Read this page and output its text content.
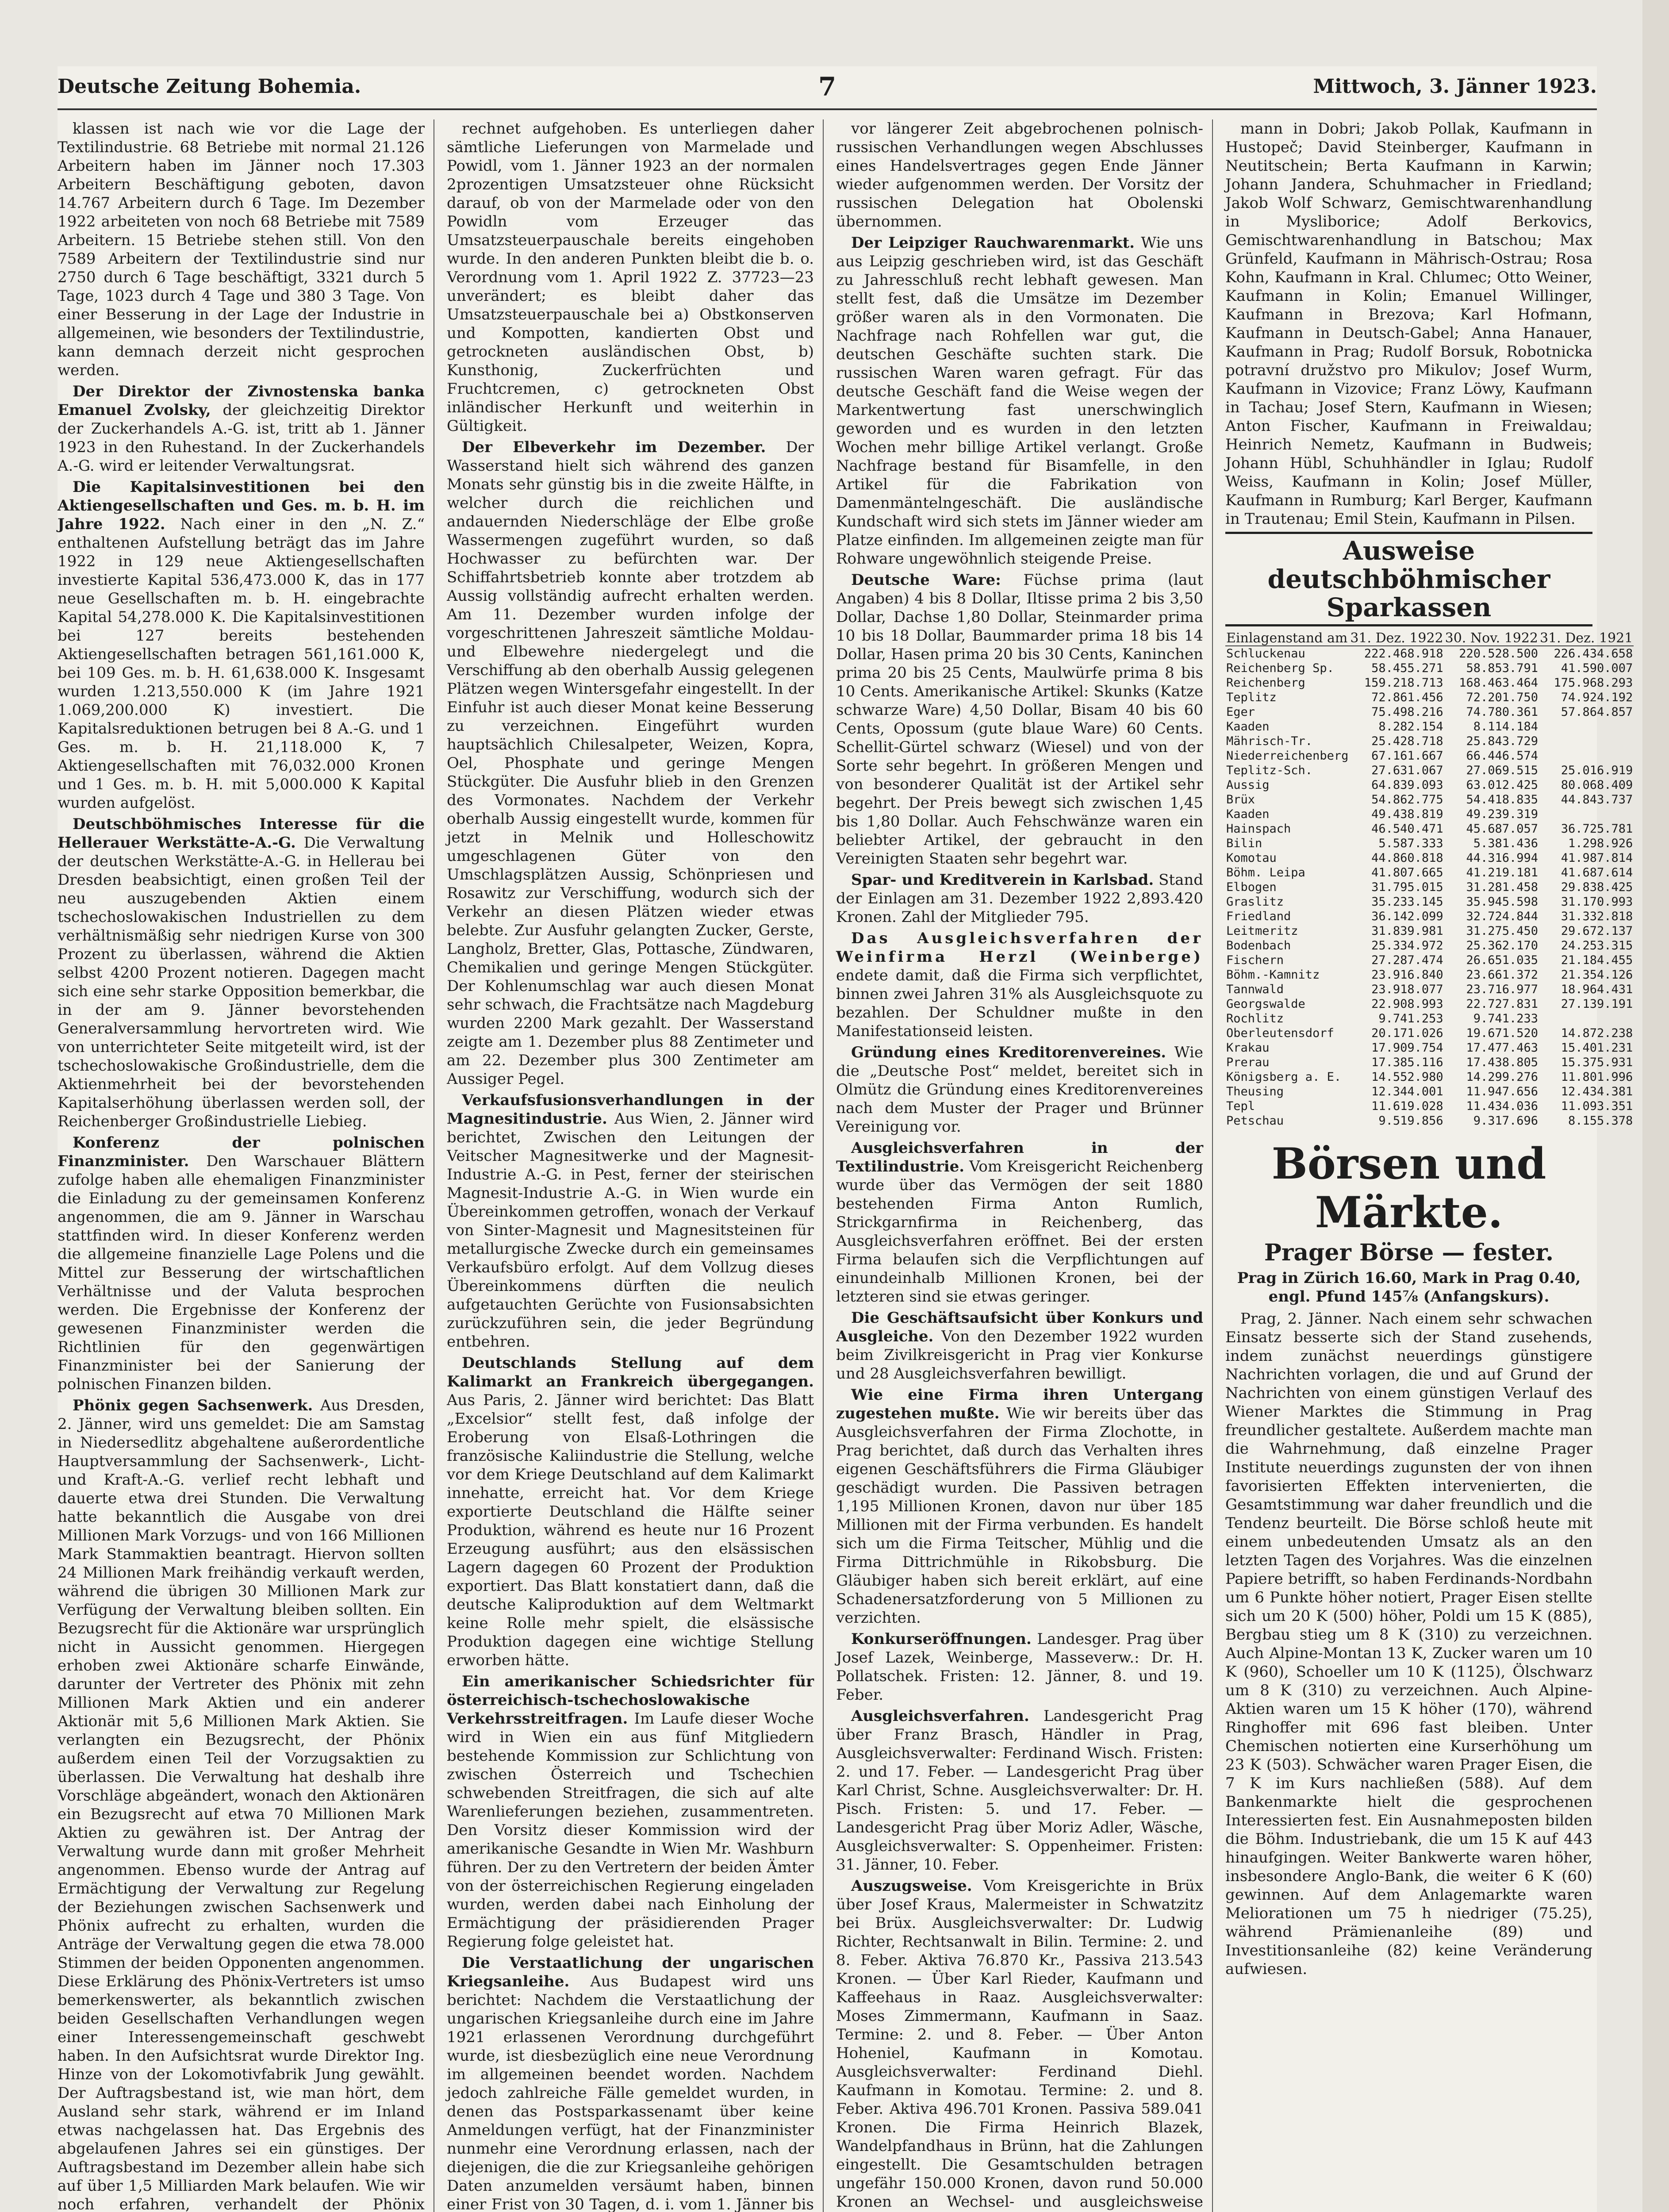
Deutsche Zeitung Bohemia.	7	Mittwoch, 3. Jänner 1923.

klassen ist nach wie vor die Lage der Textilindustrie. 68 Betriebe mit normal 21.126 Arbeitern haben im Jänner noch 17.303 Arbeitern Beschäftigung geboten, davon 14.767 Arbeitern durch 6 Tage. Im Dezember 1922 arbeiteten von noch 68 Betriebe mit 7589 Arbeitern. 15 Betriebe stehen still. Von den 7589 Arbeitern der Textilindustrie sind nur 2750 durch 6 Tage beschäftigt, 3321 durch 5 Tage, 1023 durch 4 Tage und 380 3 Tage. Von einer Besserung in der Lage der Industrie in allgemeinen, wie besonders der Textilindustrie, kann demnach derzeit nicht gesprochen werden.

Der Direktor der Zivnostenska banka Emanuel Zvolsky, der gleichzeitig Direktor der Zuckerhandels A.-G. ist, tritt ab 1. Jänner 1923 in den Ruhestand. In der Zuckerhandels A.-G. wird er leitender Verwaltungsrat.

Die Kapitalsinvestitionen bei den Aktiengesellschaften und Ges. m. b. H. im Jahre 1922. Nach einer in den „N. Z.“ enthaltenen Aufstellung beträgt das im Jahre 1922 in 129 neue Aktiengesellschaften investierte Kapital 536,473.000 K, das in 177 neue Gesellschaften m. b. H. eingebrachte Kapital 54,278.000 K. Die Kapitalsinvestitionen bei 127 bereits bestehenden Aktiengesellschaften betragen 561,161.000 K, bei 109 Ges. m. b. H. 61,638.000 K. Insgesamt wurden 1.213,550.000 K (im Jahre 1921 1.069,200.000 K) investiert. Die Kapitalsreduktionen betrugen bei 8 A.-G. und 1 Ges. m. b. H. 21,118.000 K, 7 Aktiengesellschaften mit 76,032.000 Kronen und 1 Ges. m. b. H. mit 5,000.000 K Kapital wurden aufgelöst.

Deutschböhmisches Interesse für die Hellerauer Werkstätte-A.-G. Die Verwaltung der deutschen Werkstätte-A.-G. in Hellerau bei Dresden beabsichtigt, einen großen Teil der neu auszugebenden Aktien einem tschechoslowakischen Industriellen zu dem verhältnismäßig sehr niedrigen Kurse von 300 Prozent zu überlassen, während die Aktien selbst 4200 Prozent notieren. Dagegen macht sich eine sehr starke Opposition bemerkbar, die in der am 9. Jänner bevorstehenden Generalversammlung hervortreten wird. Wie von unterrichteter Seite mitgeteilt wird, ist der tschechoslowakische Großindustrielle, dem die Aktienmehrheit bei der bevorstehenden Kapitalserhöhung überlassen werden soll, der Reichenberger Großindustrielle Liebieg.

Konferenz der polnischen Finanzminister. Den Warschauer Blättern zufolge haben alle ehemaligen Finanzminister die Einladung zu der gemeinsamen Konferenz angenommen, die am 9. Jänner in Warschau stattfinden wird. In dieser Konferenz werden die allgemeine finanzielle Lage Polens und die Mittel zur Besserung der wirtschaftlichen Verhältnisse und der Valuta besprochen werden. Die Ergebnisse der Konferenz der gewesenen Finanzminister werden die Richtlinien für den gegenwärtigen Finanzminister bei der Sanierung der polnischen Finanzen bilden.

Phönix gegen Sachsenwerk. Aus Dresden, 2. Jänner, wird uns gemeldet: Die am Samstag in Niedersedlitz abgehaltene außerordentliche Hauptversammlung der Sachsenwerk-, Licht- und Kraft-A.-G. verlief recht lebhaft und dauerte etwa drei Stunden. Die Verwaltung hatte bekanntlich die Ausgabe von drei Millionen Mark Vorzugs- und von 166 Millionen Mark Stammaktien beantragt. Hiervon sollten 24 Millionen Mark freihändig verkauft werden, während die übrigen 30 Millionen Mark zur Verfügung der Verwaltung bleiben sollten. Ein Bezugsrecht für die Aktionäre war ursprünglich nicht in Aussicht genommen. Hiergegen erhoben zwei Aktionäre scharfe Einwände, darunter der Vertreter des Phönix mit zehn Millionen Mark Aktien und ein anderer Aktionär mit 5,6 Millionen Mark Aktien. Sie verlangten ein Bezugsrecht, der Phönix außerdem einen Teil der Vorzugsaktien zu überlassen. Die Verwaltung hat deshalb ihre Vorschläge abgeändert, wonach den Aktionären ein Bezugsrecht auf etwa 70 Millionen Mark Aktien zu gewähren ist. Der Antrag der Verwaltung wurde dann mit großer Mehrheit angenommen. Ebenso wurde der Antrag auf Ermächtigung der Verwaltung zur Regelung der Beziehungen zwischen Sachsenwerk und Phönix aufrecht zu erhalten, wurden die Anträge der Verwaltung gegen die etwa 78.000 Stimmen der beiden Opponenten angenommen. Diese Erklärung des Phönix-Vertreters ist umso bemerkenswerter, als bekanntlich zwischen beiden Gesellschaften Verhandlungen wegen einer Interessengemeinschaft geschwebt haben. In den Aufsichtsrat wurde Direktor Ing. Hinze von der Lokomotivfabrik Jung gewählt. Der Auftragsbestand ist, wie man hört, dem Ausland sehr stark, während er im Inland etwas nachgelassen hat. Das Ergebnis des abgelaufenen Jahres sei ein günstiges. Der Auftragsbestand im Dezember allein habe sich auf über 1,5 Milliarden Mark belaufen. Wie wir noch erfahren, verhandelt der Phönix

rechnet aufgehoben. Es unterliegen daher sämtliche Lieferungen von Marmelade und Powidl, vom 1. Jänner 1923 an der normalen 2prozentigen Umsatzsteuer ohne Rücksicht darauf, ob von der Marmelade oder von den Powidln vom Erzeuger das Umsatzsteuerpauschale bereits eingehoben wurde. In den anderen Punkten bleibt die b. o. Verordnung vom 1. April 1922 Z. 37723—23 unverändert; es bleibt daher das Umsatzsteuerpauschale bei a) Obstkonserven und Kompotten, kandierten Obst und getrockneten ausländischen Obst, b) Kunsthonig, Zuckerfrüchten und Fruchtcremen, c) getrockneten Obst inländischer Herkunft und weiterhin in Gültigkeit.

Der Elbeverkehr im Dezember. Der Wasserstand hielt sich während des ganzen Monats sehr günstig bis in die zweite Hälfte, in welcher durch die reichlichen und andauernden Niederschläge der Elbe große Wassermengen zugeführt wurden, so daß Hochwasser zu befürchten war. Der Schiffahrtsbetrieb konnte aber trotzdem ab Aussig vollständig aufrecht erhalten werden. Am 11. Dezember wurden infolge der vorgeschrittenen Jahreszeit sämtliche Moldau- und Elbewehre niedergelegt und die Verschiffung ab den oberhalb Aussig gelegenen Plätzen wegen Wintersgefahr eingestellt. In der Einfuhr ist auch dieser Monat keine Besserung zu verzeichnen. Eingeführt wurden hauptsächlich Chilesalpeter, Weizen, Kopra, Oel, Phosphate und geringe Mengen Stückgüter. Die Ausfuhr blieb in den Grenzen des Vormonates. Nachdem der Verkehr oberhalb Aussig eingestellt wurde, kommen für jetzt in Melnik und Holleschowitz umgeschlagenen Güter von den Umschlagsplätzen Aussig, Schönpriesen und Rosawitz zur Verschiffung, wodurch sich der Verkehr an diesen Plätzen wieder etwas belebte. Zur Ausfuhr gelangten Zucker, Gerste, Langholz, Bretter, Glas, Pottasche, Zündwaren, Chemikalien und geringe Mengen Stückgüter. Der Kohlenumschlag war auch diesen Monat sehr schwach, die Frachtsätze nach Magdeburg wurden 2200 Mark gezahlt. Der Wasserstand zeigte am 1. Dezember plus 88 Zentimeter und am 22. Dezember plus 300 Zentimeter am Aussiger Pegel.

Verkaufsfusionsverhandlungen in der Magnesitindustrie. Aus Wien, 2. Jänner wird berichtet, Zwischen den Leitungen der Veitscher Magnesitwerke und der Magnesit-Industrie A.-G. in Pest, ferner der steirischen Magnesit-Industrie A.-G. in Wien wurde ein Übereinkommen getroffen, wonach der Verkauf von Sinter-Magnesit und Magnesitsteinen für metallurgische Zwecke durch ein gemeinsames Verkaufsbüro erfolgt. Auf dem Vollzug dieses Übereinkommens dürften die neulich aufgetauchten Gerüchte von Fusionsabsichten zurückzuführen sein, die jeder Begründung entbehren.

Deutschlands Stellung auf dem Kalimarkt an Frankreich übergegangen. Aus Paris, 2. Jänner wird berichtet: Das Blatt „Excelsior“ stellt fest, daß infolge der Eroberung von Elsaß-Lothringen die französische Kaliindustrie die Stellung, welche vor dem Kriege Deutschland auf dem Kalimarkt innehatte, erreicht hat. Vor dem Kriege exportierte Deutschland die Hälfte seiner Produktion, während es heute nur 16 Prozent Erzeugung ausführt; aus den elsässischen Lagern dagegen 60 Prozent der Produktion exportiert. Das Blatt konstatiert dann, daß die deutsche Kaliproduktion auf dem Weltmarkt keine Rolle mehr spielt, die elsässische Produktion dagegen eine wichtige Stellung erworben hätte.

Ein amerikanischer Schiedsrichter für österreichisch-tschechoslowakische Verkehrsstreitfragen. Im Laufe dieser Woche wird in Wien ein aus fünf Mitgliedern bestehende Kommission zur Schlichtung von zwischen Österreich und Tschechien schwebenden Streitfragen, die sich auf alte Warenlieferungen beziehen, zusammentreten. Den Vorsitz dieser Kommission wird der amerikanische Gesandte in Wien Mr. Washburn führen. Der zu den Vertretern der beiden Ämter von der österreichischen Regierung eingeladen wurden, werden dabei nach Einholung der Ermächtigung der präsidierenden Prager Regierung folge geleistet hat.

Die Verstaatlichung der ungarischen Kriegsanleihe. Aus Budapest wird uns berichtet: Nachdem die Verstaatlichung der ungarischen Kriegsanleihe durch eine im Jahre 1921 erlassenen Verordnung durchgeführt wurde, ist diesbezüglich eine neue Verordnung im allgemeinen beendet worden. Nachdem jedoch zahlreiche Fälle gemeldet wurden, in denen das Postsparkassenamt über keine Anmeldungen verfügt, hat der Finanzminister nunmehr eine Verordnung erlassen, nach der diejenigen, die die zur Kriegsanleihe gehörigen Daten anzumelden versäumt haben, binnen einer Frist von 30 Tagen, d. i. vom 1. Jänner bis

vor längerer Zeit abgebrochenen polnisch-russischen Verhandlungen wegen Abschlusses eines Handelsvertrages gegen Ende Jänner wieder aufgenommen werden. Der Vorsitz der russischen Delegation hat Obolenski übernommen.

Der Leipziger Rauchwarenmarkt. Wie uns aus Leipzig geschrieben wird, ist das Geschäft zu Jahresschluß recht lebhaft gewesen. Man stellt fest, daß die Umsätze im Dezember größer waren als in den Vormonaten. Die Nachfrage nach Rohfellen war gut, die deutschen Geschäfte suchten stark. Die russischen Waren waren gefragt. Für das deutsche Geschäft fand die Weise wegen der Markentwertung fast unerschwinglich geworden und es wurden in den letzten Wochen mehr billige Artikel verlangt. Große Nachfrage bestand für Bisamfelle, in den Artikel für die Fabrikation von Damenmäntelngeschäft. Die ausländische Kundschaft wird sich stets im Jänner wieder am Platze einfinden. Im allgemeinen zeigte man für Rohware ungewöhnlich steigende Preise.

Deutsche Ware: Füchse prima (laut Angaben) 4 bis 8 Dollar, Iltisse prima 2 bis 3,50 Dollar, Dachse 1,80 Dollar, Steinmarder prima 10 bis 18 Dollar, Baummarder prima 18 bis 14 Dollar, Hasen prima 20 bis 30 Cents, Kaninchen prima 20 bis 25 Cents, Maulwürfe prima 8 bis 10 Cents. Amerikanische Artikel: Skunks (Katze schwarze Ware) 4,50 Dollar, Bisam 40 bis 60 Cents, Opossum (gute blaue Ware) 60 Cents. Schellit-Gürtel schwarz (Wiesel) und von der Sorte sehr begehrt. In größeren Mengen und von besonderer Qualität ist der Artikel sehr begehrt. Der Preis bewegt sich zwischen 1,45 bis 1,80 Dollar. Auch Fehschwänze waren ein beliebter Artikel, der gebraucht in den Vereinigten Staaten sehr begehrt war.

Spar- und Kreditverein in Karlsbad. Stand der Einlagen am 31. Dezember 1922 2,893.420 Kronen. Zahl der Mitglieder 795.

Das Ausgleichsverfahren der Weinfirma Herzl (Weinberge) endete damit, daß die Firma sich verpflichtet, binnen zwei Jahren 31% als Ausgleichsquote zu bezahlen. Der Schuldner mußte in den Manifestationseid leisten.

Gründung eines Kreditorenvereines. Wie die „Deutsche Post“ meldet, bereitet sich in Olmütz die Gründung eines Kreditorenvereines nach dem Muster der Prager und Brünner Vereinigung vor.

Ausgleichsverfahren in der Textilindustrie. Vom Kreisgericht Reichenberg wurde über das Vermögen der seit 1880 bestehenden Firma Anton Rumlich, Strickgarnfirma in Reichenberg, das Ausgleichsverfahren eröffnet. Bei der ersten Firma belaufen sich die Verpflichtungen auf einundeinhalb Millionen Kronen, bei der letzteren sind sie etwas geringer.

Die Geschäftsaufsicht über Konkurs und Ausgleiche. Von den Dezember 1922 wurden beim Zivilkreisgericht in Prag vier Konkurse und 28 Ausgleichsverfahren bewilligt.

Wie eine Firma ihren Untergang zugestehen mußte. Wie wir bereits über das Ausgleichsverfahren der Firma Zlochotte, in Prag berichtet, daß durch das Verhalten ihres eigenen Geschäftsführers die Firma Gläubiger geschädigt wurden. Die Passiven betragen 1,195 Millionen Kronen, davon nur über 185 Millionen mit der Firma verbunden. Es handelt sich um die Firma Teitscher, Mühlig und die Firma Dittrichmühle in Rikobsburg. Die Gläubiger haben sich bereit erklärt, auf eine Schadenersatzforderung von 5 Millionen zu verzichten.

Konkurseröffnungen. Landesger. Prag über Josef Lazek, Weinberge, Masseverw.: Dr. H. Pollatschek. Fristen: 12. Jänner, 8. und 19. Feber.

Ausgleichsverfahren. Landesgericht Prag über Franz Brasch, Händler in Prag, Ausgleichsverwalter: Ferdinand Wisch. Fristen: 2. und 17. Feber. — Landesgericht Prag über Karl Christ, Schne. Ausgleichsverwalter: Dr. H. Pisch. Fristen: 5. und 17. Feber. — Landesgericht Prag über Moriz Adler, Wäsche, Ausgleichsverwalter: S. Oppenheimer. Fristen: 31. Jänner, 10. Feber.

Auszugsweise. Vom Kreisgerichte in Brüx über Josef Kraus, Malermeister in Schwatzitz bei Brüx. Ausgleichsverwalter: Dr. Ludwig Richter, Rechtsanwalt in Bilin. Termine: 2. und 8. Feber. Aktiva 76.870 Kr., Passiva 213.543 Kronen. — Über Karl Rieder, Kaufmann und Kaffeehaus in Raaz. Ausgleichsverwalter: Moses Zimmermann, Kaufmann in Saaz. Termine: 2. und 8. Feber. — Über Anton Hoheniel, Kaufmann in Komotau. Ausgleichsverwalter: Ferdinand Diehl. Kaufmann in Komotau. Termine: 2. und 8. Feber. Aktiva 496.701 Kronen. Passiva 589.041 Kronen. Die Firma Heinrich Blazek, Wandelpfandhaus in Brünn, hat die Zahlungen eingestellt. Die Gesamtschulden betragen ungefähr 150.000 Kronen, davon rund 50.000 Kronen an Wechsel- und ausgleichsweise

mann in Dobri; Jakob Pollak, Kaufmann in Hustopeč; David Steinberger, Kaufmann in Neutitschein; Berta Kaufmann in Karwin; Johann Jandera, Schuhmacher in Friedland; Jakob Wolf Schwarz, Gemischtwarenhandlung in Mysliborice; Adolf Berkovics, Gemischtwarenhandlung in Batschou; Max Grünfeld, Kaufmann in Mährisch-Ostrau; Rosa Kohn, Kaufmann in Kral. Chlumec; Otto Weiner, Kaufmann in Kolin; Emanuel Willinger, Kaufmann in Brezova; Karl Hofmann, Kaufmann in Deutsch-Gabel; Anna Hanauer, Kaufmann in Prag; Rudolf Borsuk, Robotnicka potravní družstvo pro Mikulov; Josef Wurm, Kaufmann in Vizovice; Franz Löwy, Kaufmann in Tachau; Josef Stern, Kaufmann in Wiesen; Anton Fischer, Kaufmann in Freiwaldau; Heinrich Nemetz, Kaufmann in Budweis; Johann Hübl, Schuhhändler in Iglau; Rudolf Weiss, Kaufmann in Kolin; Josef Müller, Kaufmann in Rumburg; Karl Berger, Kaufmann in Trautenau; Emil Stein, Kaufmann in Pilsen.

Ausweise deutschböhmischer Sparkassen
Einlagenstand am	31. Dez. 1922	30. Nov. 1922	31. Dez. 1921
Schluckenau	222.468.918	220.528.500	226.434.658
Reichenberg Sp.	58.455.271	58.853.791	41.590.007
Reichenberg	159.218.713	168.463.464	175.968.293
Teplitz	72.861.456	72.201.750	74.924.192
Eger	75.498.216	74.780.361	57.864.857
Kaaden	8.282.154	8.114.184	
Mährisch-Tr.	25.428.718	25.843.729	
Niederreichenberg	67.161.667	66.446.574	
Teplitz-Sch.	27.631.067	27.069.515	25.016.919
Aussig	64.839.093	63.012.425	80.068.409
Brüx	54.862.775	54.418.835	44.843.737
Kaaden	49.438.819	49.239.319	
Hainspach	46.540.471	45.687.057	36.725.781
Bilin	5.587.333	5.381.436	1.298.926
Komotau	44.860.818	44.316.994	41.987.814
Böhm. Leipa	41.807.665	41.219.181	41.687.614
Elbogen	31.795.015	31.281.458	29.838.425
Graslitz	35.233.145	35.945.598	31.170.993
Friedland	36.142.099	32.724.844	31.332.818
Leitmeritz	31.839.981	31.275.450	29.672.137
Bodenbach	25.334.972	25.362.170	24.253.315
Fischern	27.287.474	26.651.035	21.184.455
Böhm.-Kamnitz	23.916.840	23.661.372	21.354.126
Tannwald	23.918.077	23.716.977	18.964.431
Georgswalde	22.908.993	22.727.831	27.139.191
Rochlitz	9.741.253	9.741.233	
Oberleutensdorf	20.171.026	19.671.520	14.872.238
Krakau	17.909.754	17.477.463	15.401.231
Prerau	17.385.116	17.438.805	15.375.931
Königsberg a. E.	14.552.980	14.299.276	11.801.996
Theusing	12.344.001	11.947.656	12.434.381
Tepl	11.619.028	11.434.036	11.093.351
Petschau	9.519.856	9.317.696	8.155.378
Börsen und Märkte.
Prager Börse — fester.
Prag in Zürich 16.60, Mark in Prag 0.40, engl. Pfund 145⅞ (Anfangskurs).

Prag, 2. Jänner. Nach einem sehr schwachen Einsatz besserte sich der Stand zusehends, indem zunächst neuerdings günstigere Nachrichten vorlagen, die und auf Grund der Nachrichten von einem günstigen Verlauf des Wiener Marktes die Stimmung in Prag freundlicher gestaltete. Außerdem machte man die Wahrnehmung, daß einzelne Prager Institute neuerdings zugunsten der von ihnen favorisierten Effekten intervenierten, die Gesamtstimmung war daher freundlich und die Tendenz beurteilt. Die Börse schloß heute mit einem unbedeutenden Umsatz als an den letzten Tagen des Vorjahres. Was die einzelnen Papiere betrifft, so haben Ferdinands-Nordbahn um 6 Punkte höher notiert, Prager Eisen stellte sich um 20 K (500) höher, Poldi um 15 K (885), Bergbau stieg um 8 K (310) zu verzeichnen. Auch Alpine-Montan 13 K, Zucker waren um 10 K (960), Schoeller um 10 K (1125), Ölschwarz um 8 K (310) zu verzeichnen. Auch Alpine-Aktien waren um 15 K höher (170), während Ringhoffer mit 696 fast bleiben. Unter Chemischen notierten eine Kurserhöhung um 23 K (503). Schwächer waren Prager Eisen, die 7 K im Kurs nachließen (588). Auf dem Bankenmarkte hielt die gesprochenen Interessierten fest. Ein Ausnahmeposten bilden die Böhm. Industriebank, die um 15 K auf 443 hinaufgingen. Weiter Bankwerte waren höher, insbesondere Anglo-Bank, die weiter 6 K (60) gewinnen. Auf dem Anlagemarkte waren Meliorationen um 75 h niedriger (75.25), während Prämienanleihe (89) und Investitionsanleihe (82) keine Veränderung aufwiesen.
